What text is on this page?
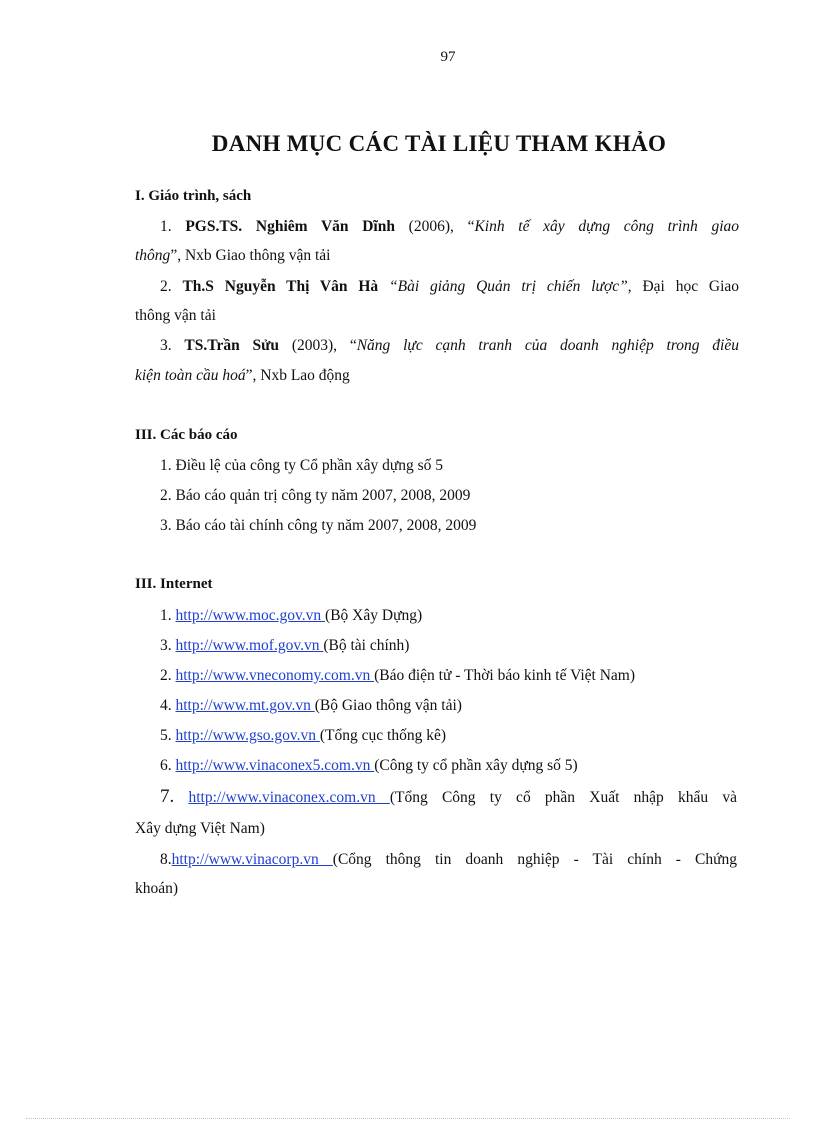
97
DANH MỤC CÁC TÀI LIỆU THAM KHẢO
I. Giáo trình, sách
1. PGS.TS. Nghiêm Văn Dĩnh (2006), “Kinh tế xây dựng công trình giao
thông”, Nxb Giao thông vận tải
2. Th.S Nguyễn Thị Vân Hà “Bài giảng Quản trị chiến lược”, Đại học Giao
thông vận tải
3. TS.Trần Sửu (2003), “Năng lực cạnh tranh của doanh nghiệp trong điều
kiện toàn cầu hoá”, Nxb Lao động
III. Các báo cáo
1. Điều lệ của công ty Cổ phần xây dựng số 5
2. Báo cáo quản trị công ty năm 2007, 2008, 2009
3. Báo cáo tài chính công ty năm 2007, 2008, 2009
III. Internet
1. http://www.moc.gov.vn (Bộ Xây Dựng)
3. http://www.mof.gov.vn (Bộ tài chính)
2. http://www.vneconomy.com.vn (Báo điện tử - Thời báo kinh tế Việt Nam)
4. http://www.mt.gov.vn (Bộ Giao thông vận tải)
5. http://www.gso.gov.vn (Tổng cục thống kê)
6. http://www.vinaconex5.com.vn (Công ty cổ phần xây dựng số 5)
7. http://www.vinaconex.com.vn (Tổng Công ty cổ phần Xuất nhập khẩu và
Xây dựng Việt Nam)
8.http://www.vinacorp.vn (Cổng thông tin doanh nghiệp - Tài chính - Chứng
khoán)
